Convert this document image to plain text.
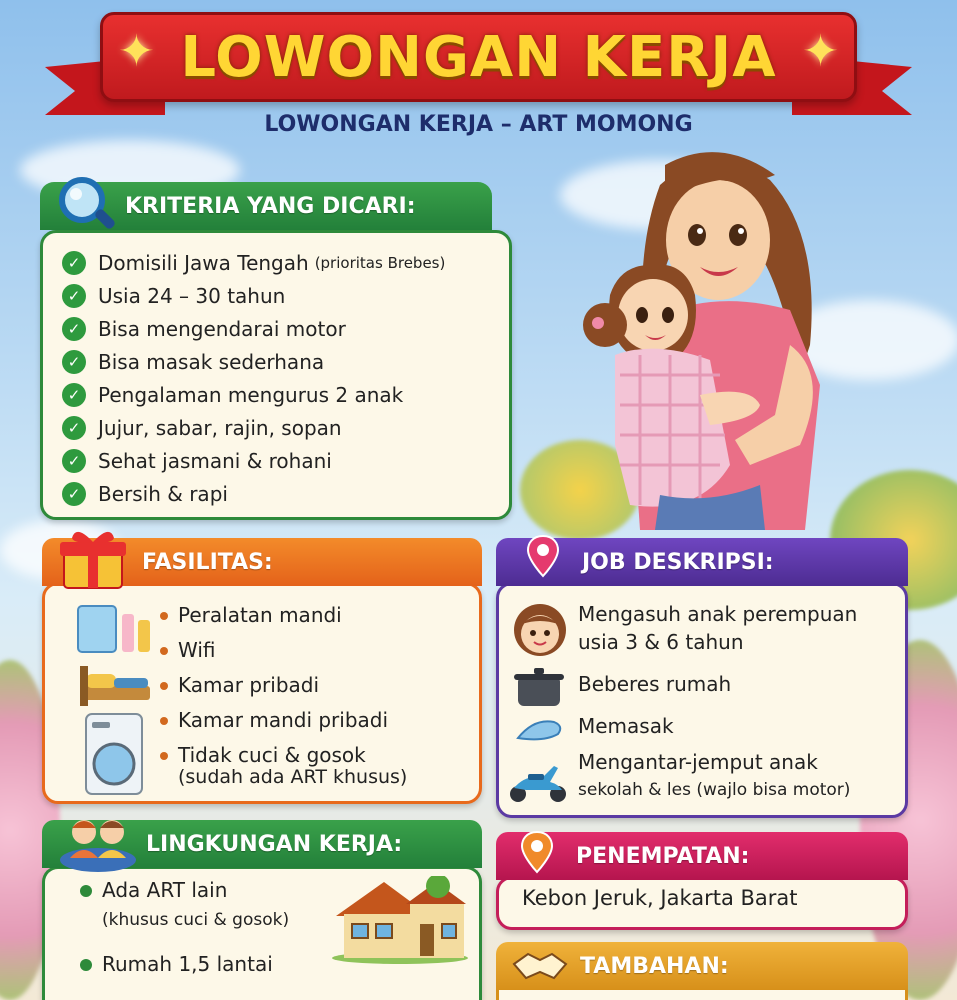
LOWONGAN KERJA
✦	✦
LOWONGAN KERJA – ART MOMONG
KRITERIA YANG DICARI:
✓ Domisili Jawa Tengah (prioritas Brebes)
✓ Usia 24 – 30 tahun
✓ Bisa mengendarai motor
✓ Bisa masak sederhana
✓ Pengalaman mengurus 2 anak
✓ Jujur, sabar, rajin, sopan
✓ Sehat jasmani & rohani
✓ Bersih & rapi
FASILITAS:
Peralatan mandi
Wifi
Kamar pribadi
Kamar mandi pribadi
Tidak cuci & gosok
(sudah ada ART khusus)
JOB DESKRIPSI:
Mengasuh anak perempuan
usia 3 & 6 tahun
Beberes rumah
Memasak
Mengantar-jemput anak
sekolah & les (wajlo bisa motor)
LINGKUNGAN KERJA:
Ada ART lain
(khusus cuci & gosok)
Rumah 1,5 lantai
PENEMPATAN:
Kebon Jeruk, Jakarta Barat
TAMBAHAN:
